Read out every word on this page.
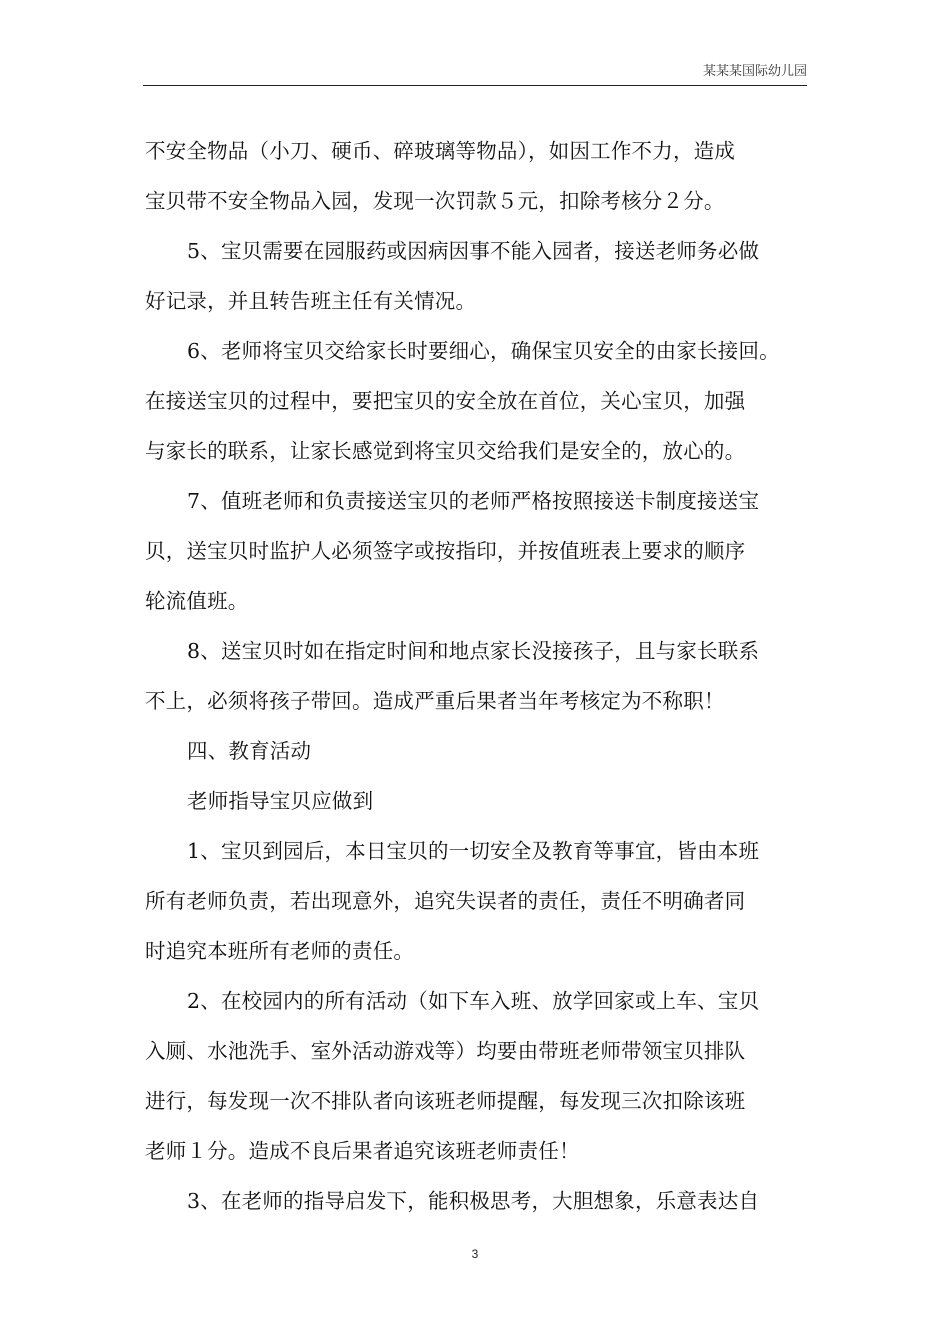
某某某国际幼儿园
不安全物品（小刀、硬币、碎玻璃等物品），如因工作不力，造成
宝贝带不安全物品入园，发现一次罚款５元，扣除考核分２分。
5、宝贝需要在园服药或因病因事不能入园者，接送老师务必做
好记录，并且转告班主任有关情况。
6、老师将宝贝交给家长时要细心，确保宝贝安全的由家长接回。
在接送宝贝的过程中，要把宝贝的安全放在首位，关心宝贝，加强
与家长的联系，让家长感觉到将宝贝交给我们是安全的，放心的。
7、值班老师和负责接送宝贝的老师严格按照接送卡制度接送宝
贝，送宝贝时监护人必须签字或按指印，并按值班表上要求的顺序
轮流值班。
8、送宝贝时如在指定时间和地点家长没接孩子，且与家长联系
不上，必须将孩子带回。造成严重后果者当年考核定为不称职！
四、教育活动
老师指导宝贝应做到
1、宝贝到园后，本日宝贝的一切安全及教育等事宜，皆由本班
所有老师负责，若出现意外，追究失误者的责任，责任不明确者同
时追究本班所有老师的责任。
2、在校园内的所有活动（如下车入班、放学回家或上车、宝贝
入厕、水池洗手、室外活动游戏等）均要由带班老师带领宝贝排队
进行，每发现一次不排队者向该班老师提醒，每发现三次扣除该班
老师１分。造成不良后果者追究该班老师责任！
3、在老师的指导启发下，能积极思考，大胆想象，乐意表达自
3
